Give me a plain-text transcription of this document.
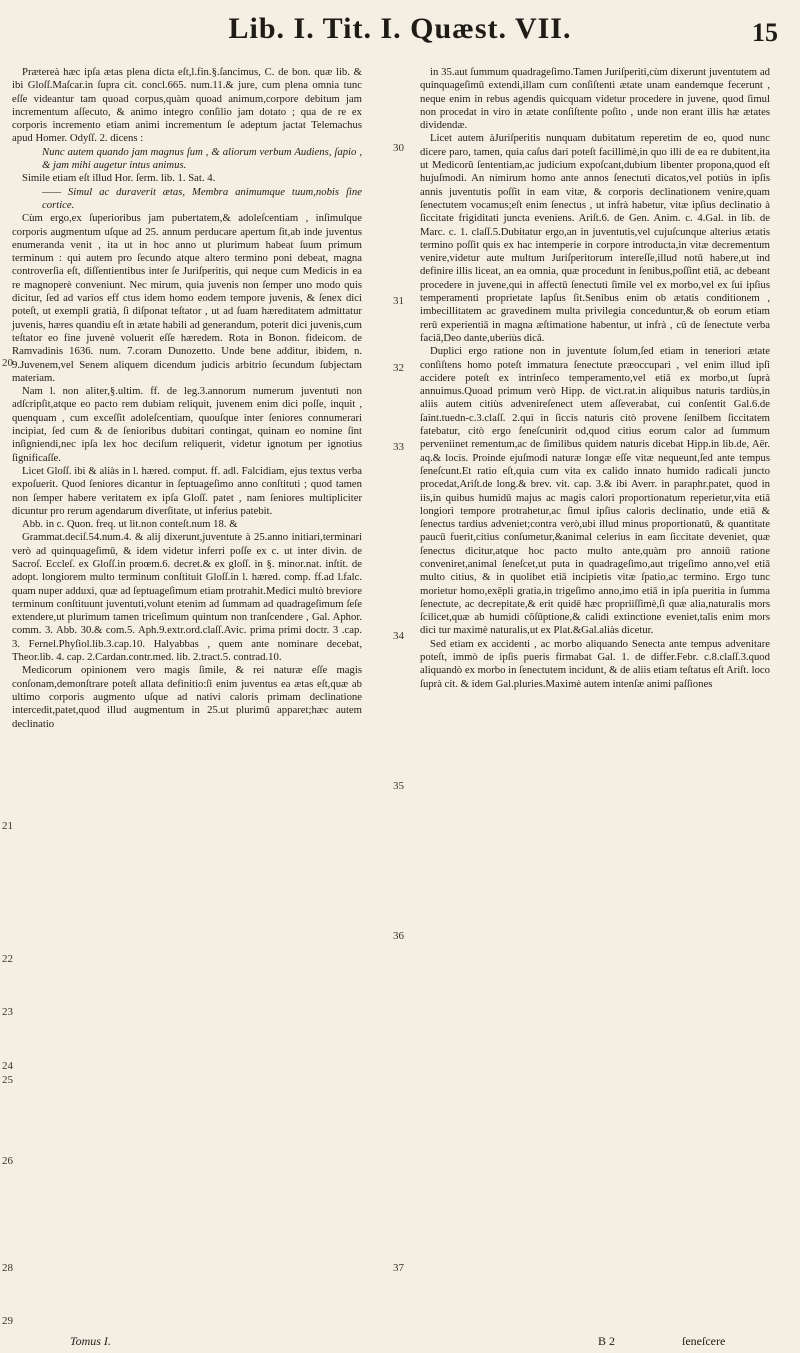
Lib. I. Tit. I. Quæst. VII.	15

Prætereà hæc ipſa ætas plena dicta eſt,l.fin.§.ſancimus, C. de bon. quæ lib. & ibi Gloſſ.Maſcar.in ſupra cit. concl.665. num.11.& jure, cum plena omnia tunc eſſe videantur tam quoad corpus,quàm quoad animum,corpore debitum jam incrementum aſſecuto, & animo integro conſilio jam dotato ; qua de re ex corporis incremento etiam animi incrementum ſe adeptum jactat Telemachus apud Homer. Odyſſ. 2. dicens :

Nunc autem quando jam magnus ſum , & aliorum verbum Audiens, ſapio , & jam mihi augetur intus animus.

Simile etiam eſt illud Hor. ſerm. lib. 1. Sat. 4.

—— Simul ac duraverit ætas, Membra animumque tuum,nobis ſine cortice.

Cùm ergo,ex ſuperioribus jam pubertatem,& adoleſcentiam , inſimulque corporis augmentum uſque ad 25. annum perducare apertum ſit,ab inde juventus enumeranda venit , ita ut in hoc anno ut plurimum habeat ſuum primum terminum : qui autem pro ſecundo atque altero termino poni debeat, magna controverſia eſt, diſſentientibus inter ſe Juriſperitis, qui neque cum Medicis in ea re magnoperè conveniunt. Nec mirum, quia juvenis non ſemper uno modo quis dicitur, ſed ad varios eff ctus idem homo eodem tempore juvenis, & ſenex dici poteſt, ut exempli gratià, ſi diſponat teſtator , ut ad ſuam hæreditatem admittatur juvenis, hæres quandiu eſt in ætate habili ad generandum, poterit dici juvenis,cum teſtator eo fine juvenè voluerit eſſe hæredem. Rota in Bonon. fideicom. de Ramvadinis 1636. num. 7.coram Dunozetto. Unde bene additur, ibidem, n. 9.Juvenem,vel Senem aliquem dicendum judicis arbitrio ſecundum ſubjectam materiam.

Nam l. non aliter,§.ultim. ff. de leg.3.annorum numerum juventuti non adſcripſit,atque eo pacto rem dubiam reliquit, juvenem enim dici poſſe, inquit , quenquam , cum exceſſit adoleſcentiam, quouſque inter ſeniores connumerari incipiat, ſed cum & de ſenioribus dubitari contingat, quinam eo nomine ſint inſigniendi,nec ipſa lex hoc deciſum reliquerit, videtur ignotum per ignotius ſignificaſſe.

Licet Gloſſ. ibi & aliàs in l. hæred. comput. ff. adl. Falcidiam, ejus textus verba expoſuerit. Quod ſeniores dicantur in ſeptuageſimo anno conſtituti ; quod tamen non ſemper habere veritatem ex ipſa Gloſſ. patet , nam ſeniores multipliciter dicuntur pro rerum agendarum diverſitate, ut inferius patebit.

Abb. in c. Quon. freq. ut lit.non conteſt.num 18. &

Grammat.deciſ.54.num.4. & alij dixerunt,juventute à 25.anno initiari,terminari verò ad quinquageſimū, & idem videtur inferri poſſe ex c. ut inter divin. de Sacroſ. Eccleſ. ex Gloſſ.in proœm.6. decret.& ex gloſſ. in §. minor.nat. inſtit. de adopt. longiorem multo terminum conſtituit Gloſſ.in l. hæred. comp. ff.ad l.falc. quam nuper adduxi, quæ ad ſeptuageſimum etiam protrahit.Medici multò breviore terminum conſtituunt juventuti,volunt etenim ad ſummam ad quadrageſimum ſeſe extendere,ut plurimum tamen triceſimum quintum non tranſcendere , Gal. Aphor. comm. 3. Abb. 30.& com.5. Aph.9.extr.ord.claſſ.Avic. prima primi doctr. 3 .cap. 3. Fernel.Phyſiol.lib.3.cap.10. Halyabbas , quem ante nominare decebat, Theor.lib. 4. cap. 2.Cardan.contr.med. lib. 2.tract.5. contrad.10.

Medicorum opinionem vero magis ſimile, & rei naturæ eſſe magis conſonam,demonſtrare poteſt allata definitio:ſi enim juventus ea ætas eſt,quæ ab ultimo corporis augmento uſque ad nativi caloris primam declinatione intercedit,patet,quod illud augmentum in 25.ut plurimū apparet;hæc autem declinatio

in 35.aut ſummum quadrageſimo.Tamen Juriſperiti,cùm dixerunt juventutem ad quinquageſimū extendi,illam cum conſiſtenti ætate unam eandemque fecerunt , neque enim in rebus agendis quicquam videtur procedere in juvene, quod ſimul non procedat in viro in ætate conſiſtente poſito , unde non erant illis hæ ætates dividendæ.

Licet autem àJuriſperitis nunquam dubitatum reperetim de eo, quod nunc dicere paro, tamen, quia caſus dari poteſt facillimè,in quo illi de ea re dubitent,ita ut Medicorū ſententiam,ac judicium expoſcant,dubium libenter propona,quod eſt hujuſmodi. An nimirum homo ante annos ſenectuti dicatos,vel potiùs in ipſis annis juventutis poſſit in eam vitæ, & corporis declinationem venire,quam ſenectutem vocamus;eſt enim ſenectus , ut infrà habetur, vitæ ipſius declinatio à ſiccitate frigiditati juncta eveniens. Ariſt.6. de Gen. Anim. c. 4.Gal. in lib. de Marc. c. 1. claſſ.5.Dubitatur ergo,an in juventutis,vel cujuſcunque alterius ætatis termino poſſit quis ex hac intemperie in corpore introducta,in vitæ decrementum venire,videtur aute multum Juriſperitorum intereſſe,illud notū habere,ut ind definire illis liceat, an ea omnia, quæ procedunt in ſenibus,poſſint etiā, ac debeant procedere in juvene,qui in affectū ſenectuti ſimile vel ex morbo,vel ex ſui ipſius temperamenti proprietate lapſus ſit.Senibus enim ob ætatis conditionem , imbecillitatem ac gravedinem multa privilegia conceduntur,& ob eorum etiam rerū experientiā in magna æſtimatione habentur, ut infrà , cū de ſenectute verba faciā,Deo dante,uberiùs dicā.

Duplici ergo ratione non in juventute ſolum,ſed etiam in teneriori ætate conſiſtens homo poteſt immatura ſenectute præoccupari , vel enim illud ipſi accidere poteſt ex intrinſeco temperamento,vel etiā ex morbo,ut ſuprà annuimus.Quoad primum verò Hipp. de vict.rat.in aliquibus naturis tardiùs,in aliis autem citiùs advenireſenect utem aſſeverabat, cui conſentit Gal.6.de ſaint.tuedn-c.3.claſſ. 2.qui in ſiccis naturis citò provene ſenilbem ſiccitatem fatebatur, citò ergo ſeneſcunirit od,quod citius eorum calor ad ſummum perveniinet rementum,ac de ſimilibus quidem naturis dicebat Hipp.in lib.de, Aër. aq.& locis. Proinde ejuſmodi naturæ longæ eſſe vitæ nequeunt,ſed ante tempus ſeneſcunt.Et ratio eſt,quia cum vita ex calido innato humido radicali juncto procedat,Ariſt.de long.& brev. vit. cap. 3.& ibi Averr. in paraphr.patet, quod in iis,in quibus humidū majus ac magis calori proportionatum reperietur,vita etiā longiori tempore protrahetur,ac ſimul ipſius caloris declinatio, unde etiā & ſenectus tardius adveniet;contra verò,ubi illud minus proportionatū, & quantitate paucū fuerit,citius conſumetur,&animal celerius in eam ſiccitate deveniet, quæ ſenectus dicitur,atque hoc pacto multo ante,quàm pro annoiū ratione conveniret,animal ſeneſcet,ut puta in quadrageſimo,aut trigeſimo anno,vel etiā multo citius, & in quolibet etiā incipietis vitæ ſpatio,ac termino. Ergo tunc morietur homo,exēpli gratia,in trigeſimo anno,imo etiā in ipſa pueritia in ſumma ſenectute, ac decrepitate,& erit quidē hæc propriiſſimè,ſi quæ alia,naturalis mors ſcilicet,quæ ab humidi cōſūptione,& calidi extinctione eveniet,talis enim mors dici tur maximè naturalis,ut ex Plat.&Gal.aliàs dicetur.

Sed etiam ex accidenti , ac morbo aliquando Senecta ante tempus advenitare poteſt, immò de ipſis pueris firmabat Gal. 1. de differ.Febr. c.8.claſſ.3.quod aliquandò ex morbo in ſenectutem incidunt, & de aliis etiam teſtatus eſt Ariſt. loco ſuprà cit. & idem Gal.pluries.Maximè autem intenſæ animi paſſiones

20
21
22
23
24
25
26
28
29
30
31
32
33
34
35
36
37
Tomus I.	B 2	ſeneſcere
